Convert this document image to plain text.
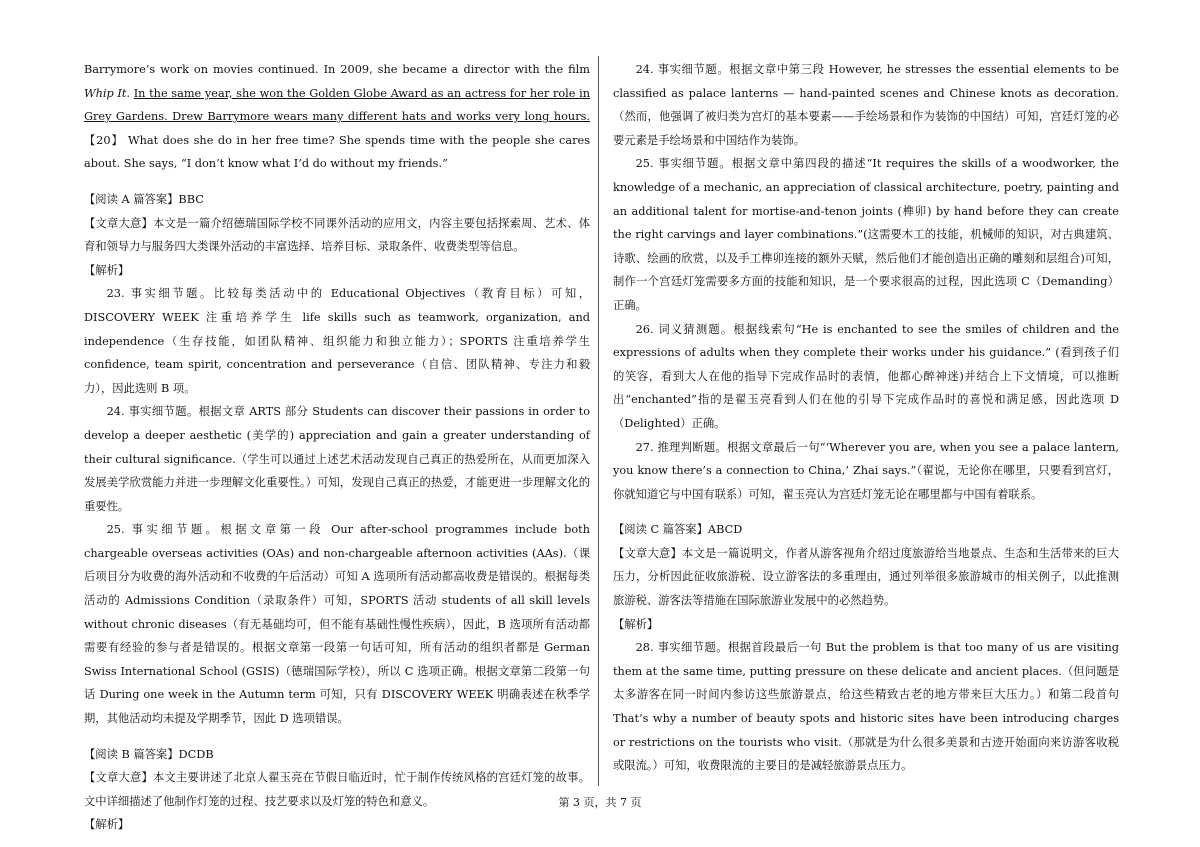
Barrymore’s work on movies continued. In 2009, she became a director with the film Whip It. In the same year, she won the Golden Globe Award as an actress for her role in Grey Gardens. Drew Barrymore wears many different hats and works very long hours.【20】 What does she do in her free time? She spends time with the people she cares about. She says, “I don’t know what I’d do without my friends.”

【阅读 A 篇答案】BBC

【文章大意】本文是一篇介绍德瑞国际学校不同课外活动的应用文，内容主要包括探索周、艺术、体育和领导力与服务四大类课外活动的丰富选择、培养目标、录取条件、收费类型等信息。

【解析】

23. 事实细节题。比较每类活动中的 Educational Objectives（教育目标）可知，DISCOVERY WEEK 注重培养学生 life skills such as teamwork, organization, and independence（生存技能，如团队精神、组织能力和独立能力）；SPORTS 注重培养学生 confidence, team spirit, concentration and perseverance（自信、团队精神、专注力和毅力），因此选则 B 项。

24. 事实细节题。根据文章 ARTS 部分 Students can discover their passions in order to develop a deeper aesthetic (美学的) appreciation and gain a greater understanding of their cultural significance.（学生可以通过上述艺术活动发现自己真正的热爱所在，从而更加深入发展美学欣赏能力并进一步理解文化重要性。）可知，发现自己真正的热爱，才能更进一步理解文化的重要性。

25. 事实细节题。根据文章第一段 Our after-school programmes include both chargeable overseas activities (OAs) and non-chargeable afternoon activities (AAs).（课后项目分为收费的海外活动和不收费的午后活动）可知 A 选项所有活动都高收费是错误的。根据每类活动的 Admissions Condition（录取条件）可知，SPORTS 活动 students of all skill levels without chronic diseases（有无基础均可，但不能有基础性慢性疾病），因此，B 选项所有活动都需要有经验的参与者是错误的。根据文章第一段第一句话可知，所有活动的组织者都是 German Swiss International School (GSIS)（德瑞国际学校），所以 C 选项正确。根据文章第二段第一句话 During one week in the Autumn term 可知，只有 DISCOVERY WEEK 明确表述在秋季学期，其他活动均未提及学期季节，因此 D 选项错误。

【阅读 B 篇答案】DCDB

【文章大意】本文主要讲述了北京人翟玉亮在节假日临近时，忙于制作传统风格的宫廷灯笼的故事。文中详细描述了他制作灯笼的过程、技艺要求以及灯笼的特色和意义。

【解析】

24. 事实细节题。根据文章中第三段 However, he stresses the essential elements to be classified as palace lanterns — hand-painted scenes and Chinese knots as decoration. （然而，他强调了被归类为宫灯的基本要素——手绘场景和作为装饰的中国结）可知，宫廷灯笼的必要元素是手绘场景和中国结作为装饰。

25. 事实细节题。根据文章中第四段的描述“It requires the skills of a woodworker, the knowledge of a mechanic, an appreciation of classical architecture, poetry, painting and an additional talent for mortise-and-tenon joints (榫卯) by hand before they can create the right carvings and layer combinations.”(这需要木工的技能，机械师的知识，对古典建筑、诗歌、绘画的欣赏，以及手工榫卯连接的额外天赋，然后他们才能创造出正确的雕刻和层组合)可知，制作一个宫廷灯笼需要多方面的技能和知识，是一个要求很高的过程，因此选项 C（Demanding）正确。

26. 词义猜测题。根据线索句“He is enchanted to see the smiles of children and the expressions of adults when they complete their works under his guidance.” (看到孩子们的笑容，看到大人在他的指导下完成作品时的表情，他都心醉神迷)并结合上下文情境，可以推断出“enchanted”指的是翟玉亮看到人们在他的引导下完成作品时的喜悦和满足感，因此选项 D（Delighted）正确。

27. 推理判断题。根据文章最后一句“‘Wherever you are, when you see a palace lantern, you know there’s a connection to China,’ Zhai says.”（翟说，无论你在哪里，只要看到宫灯，你就知道它与中国有联系）可知，翟玉亮认为宫廷灯笼无论在哪里都与中国有着联系。

【阅读 C 篇答案】ABCD

【文章大意】本文是一篇说明文，作者从游客视角介绍过度旅游给当地景点、生态和生活带来的巨大压力，分析因此征收旅游税、设立游客法的多重理由，通过列举很多旅游城市的相关例子，以此推测旅游税、游客法等措施在国际旅游业发展中的必然趋势。

【解析】

28. 事实细节题。根据首段最后一句 But the problem is that too many of us are visiting them at the same time, putting pressure on these delicate and ancient places.（但问题是太多游客在同一时间内参访这些旅游景点，给这些精致古老的地方带来巨大压力。）和第二段首句 That’s why a number of beauty spots and historic sites have been introducing charges or restrictions on the tourists who visit.（那就是为什么很多美景和古迹开始面向来访游客收税或限流。）可知，收费限流的主要目的是减轻旅游景点压力。

第 3 页，共 7 页
